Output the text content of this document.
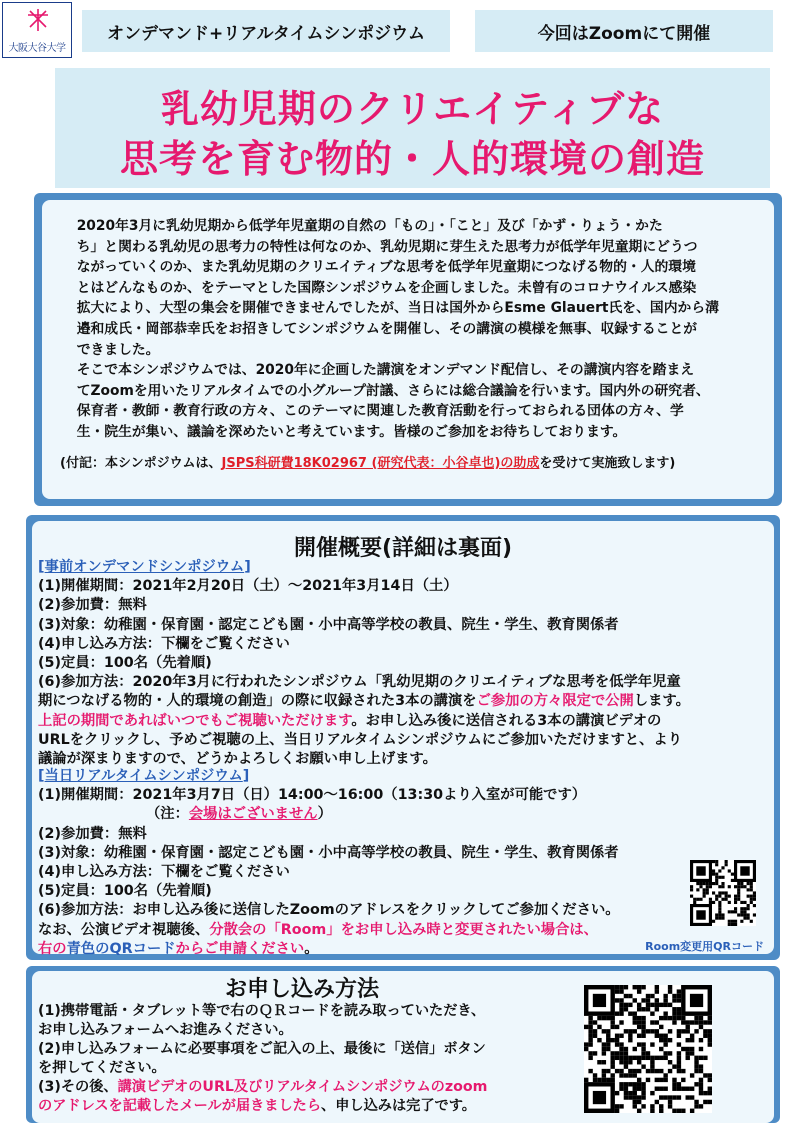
大阪大谷大学
オンデマンド+リアルタイムシンポジウム	今回はZoomにて開催
乳幼児期のクリエイティブな
思考を育む物的・人的環境の創造
2020年3月に乳幼児期から低学年児童期の自然の「もの」・「こと」及び「かず・りょう・かた
ち」と関わる乳幼児の思考力の特性は何なのか、乳幼児期に芽生えた思考力が低学年児童期にどうつ
ながっていくのか、また乳幼児期のクリエイティブな思考を低学年児童期につなげる物的・人的環境
とはどんなものか、をテーマとした国際シンポジウムを企画しました。未曾有のコロナウイルス感染
拡大により、大型の集会を開催できませんでしたが、当日は国外からEsme Glauert氏を、国内から溝
邉和成氏・岡部恭幸氏をお招きしてシンポジウムを開催し、その講演の模様を無事、収録することが
できました。
そこで本シンポジウムでは、2020年に企画した講演をオンデマンド配信し、その講演内容を踏まえ
てZoomを用いたリアルタイムでの小グループ討議、さらには総合議論を行います。国内外の研究者、
保育者・教師・教育行政の方々、このテーマに関連した教育活動を行っておられる団体の方々、学
生・院生が集い、議論を深めたいと考えています。皆様のご参加をお待ちしております。
(付記：本シンポジウムは、JSPS科研費18K02967 (研究代表：小谷卓也)の助成を受けて実施致します)
開催概要(詳細は裏面)
[事前オンデマンドシンポジウム]
(1)開催期間：2021年2月20日（土）～2021年3月14日（土）
(2)参加費：無料
(3)対象：幼稚園・保育園・認定こども園・小中高等学校の教員、院生・学生、教育関係者
(4)申し込み方法：下欄をご覧ください
(5)定員：100名（先着順)
(6)参加方法：2020年3月に行われたシンポジウム「乳幼児期のクリエイティブな思考を低学年児童
期につなげる物的・人的環境の創造」の際に収録された3本の講演をご参加の方々限定で公開します。
上記の期間であればいつでもご視聴いただけます。お申し込み後に送信される3本の講演ビデオの
URLをクリックし、予めご視聴の上、当日リアルタイムシンポジウムにご参加いただけますと、より
議論が深まりますので、どうかよろしくお願い申し上げます。
[当日リアルタイムシンポジウム]
(1)開催期間：2021年3月7日（日）14:00～16:00（13:30より入室が可能です）
（注：会場はございません）
(2)参加費：無料
(3)対象：幼稚園・保育園・認定こども園・小中高等学校の教員、院生・学生、教育関係者
(4)申し込み方法：下欄をご覧ください
(5)定員：100名（先着順)
(6)参加方法：お申し込み後に送信したZoomのアドレスをクリックしてご参加ください。
なお、公演ビデオ視聴後、分散会の「Room」をお申し込み時と変更されたい場合は、
右の青色のQRコードからご申請ください。	Room変更用QRコード
お申し込み方法
(1)携帯電話・タブレット等で右のＱＲコードを読み取っていただき、
お申し込みフォームへお進みください。
(2)申し込みフォームに必要事項をご記入の上、最後に「送信」ボタン
を押してください。
(3)その後、講演ビデオのURL及びリアルタイムシンポジウムのzoom
のアドレスを記載したメールが届きましたら、申し込みは完了です。
